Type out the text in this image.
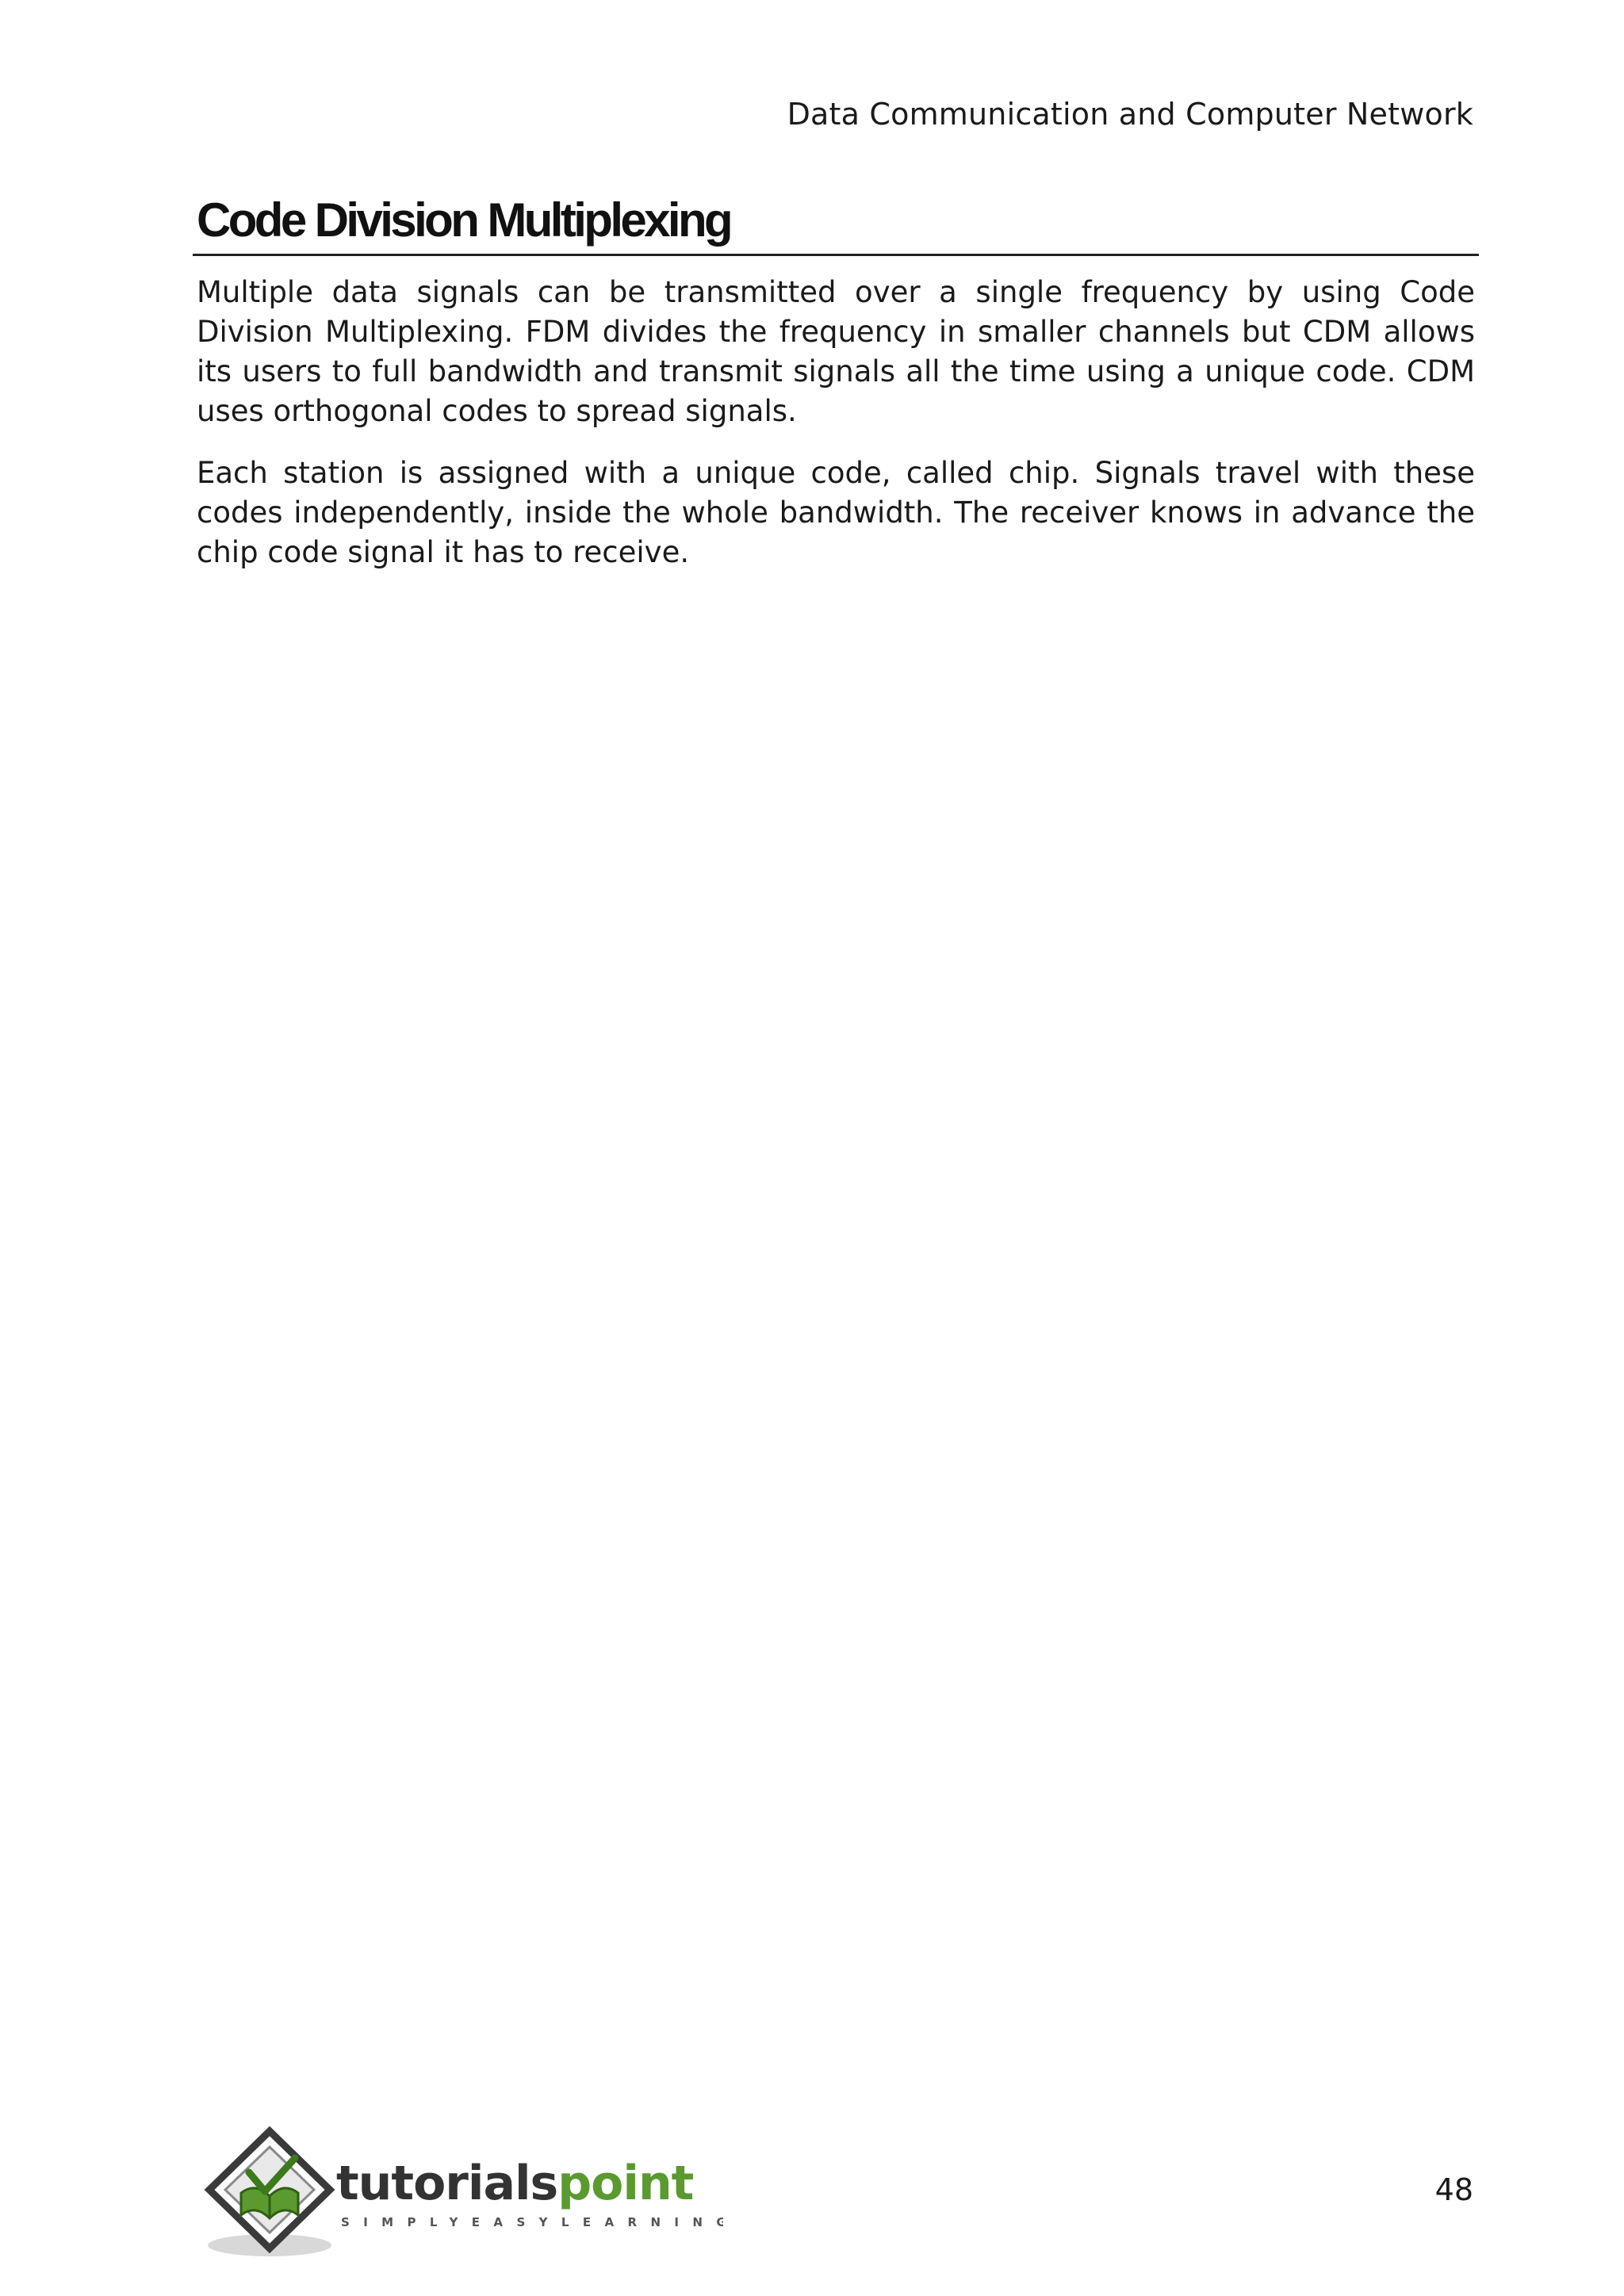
Data Communication and Computer Network
Code Division Multiplexing

Multiple data signals can be transmitted over a single frequency by using Code Division Multiplexing. FDM divides the frequency in smaller channels but CDM allows its users to full bandwidth and transmit signals all the time using a unique code. CDM uses orthogonal codes to spread signals.

Each station is assigned with a unique code, called chip. Signals travel with these codes independently, inside the whole bandwidth. The receiver knows in advance the chip code signal it has to receive.

tutorialspoint
SIMPLYEASYLEARNING
48
